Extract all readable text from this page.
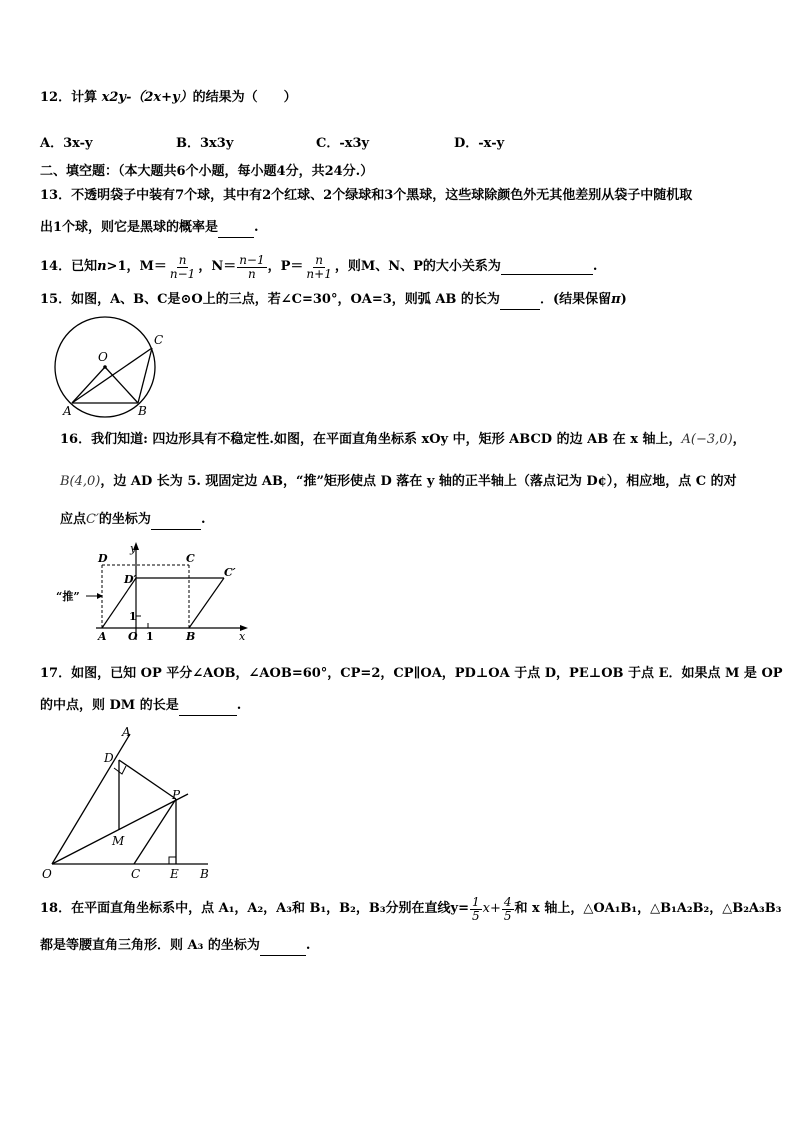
12．计算 x2y-（2x+y）的结果为（　　）
A．3x-y	B．3x3y	C．-x3y	D．-x-y
二、填空题：（本大题共6个小题，每小题4分，共24分.）
13．不透明袋子中装有7个球，其中有2个红球、2个绿球和3个黑球，这些球除颜色外无其他差别从袋子中随机取
出1个球，则它是黑球的概率是	.
14．已知 n >1，$M= \frac{n}{n-1}$ ，$N= \frac{n-1}{n}$ ，$P= \frac{n}{n+1}$ ，则M、N、P的大小关系为	.
15．如图，A、B、C是⊙O上的三点，若∠C=30°，OA=3，则弧 AB 的长为	．(结果保留π)
O
A	B
C
16．我们知道: 四边形具有不稳定性.如图，在平面直角坐标系 xOy 中，矩形 ABCD 的边 AB 在 x 轴上，A(−3,0)，
B(4,0)，边 AD 长为 5. 现固定边 AB，“推”矩形使点 D 落在 y 轴的正半轴上（落点记为 D¢），相应地，点 C 的对
应点C′的坐标为	.
“推”
D	C
D′
C′
1
A O 1	B
y
x
17．如图，已知 OP 平分∠AOB，∠AOB=60°，CP=2，CP∥OA，PD⊥OA 于点 D，PE⊥OB 于点 E．如果点 M 是 OP
的中点，则 DM 的长是	.
A
D
P
M
O	C E B
18．在平面直角坐标系中，点 A₁，A₂，A₃和 B₁，B₂，B₃分别在直线 $y= \frac{1}{5}$ $x + \frac{4}{5}$ 和 x 轴上，△OA₁B₁，△B₁A₂B₂，△B₂A₃B₃
都是等腰直角三角形．则 A₃ 的坐标为	.
